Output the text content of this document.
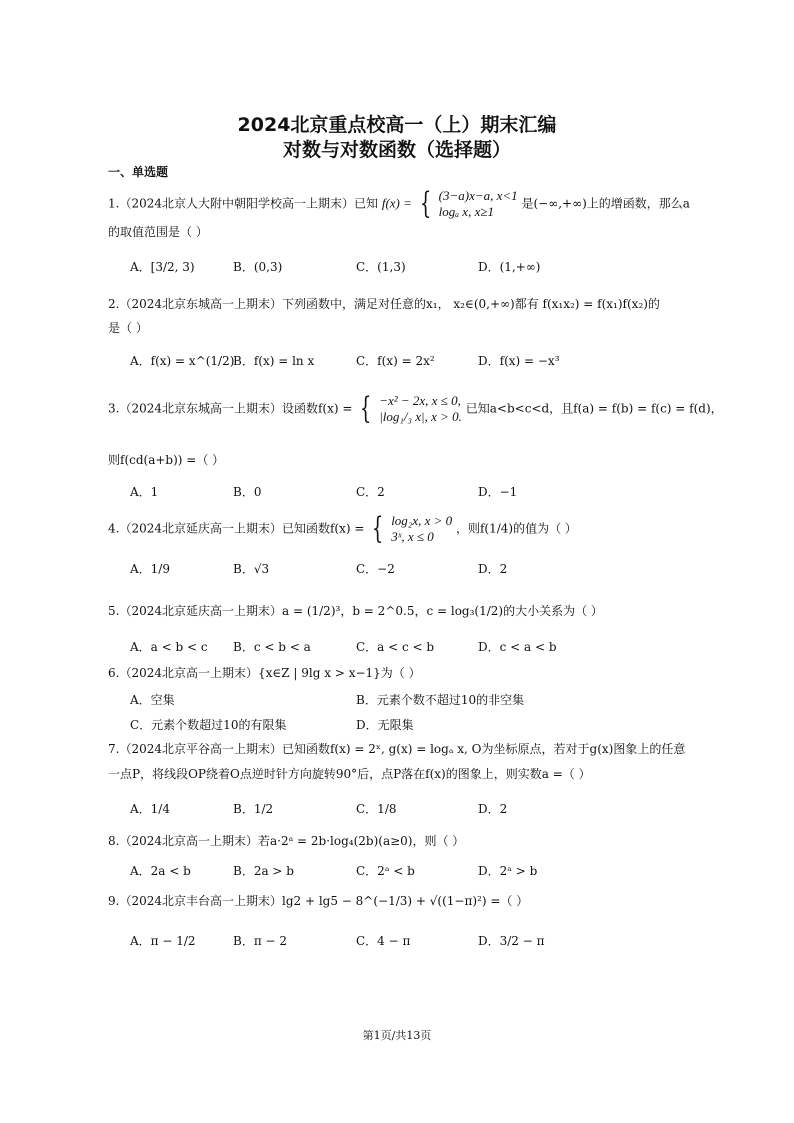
2024北京重点校高一（上）期末汇编
对数与对数函数（选择题）
一、单选题
1.（2024北京人大附中朝阳学校高一上期末）已知 f(x) = { (3−a)x−a, x<1
logₐ x, x≥1
是(−∞,+∞)上的增函数，那么a
的取值范围是（ ）
A．[3/2, 3)	B．(0,3)	C．(1,3)	D．(1,+∞)
2.（2024北京东城高一上期末）下列函数中，满足对任意的x₁， x₂∈(0,+∞)都有 f(x₁x₂) = f(x₁)f(x₂)的
是（ ）
A．f(x) = x^(1/2)
B．f(x) = ln x	C．f(x) = 2x²	D．f(x) = −x³
3.（2024北京东城高一上期末）设函数f(x) = { −x² − 2x, x ≤ 0,
|log₁/₃ x|, x > 0.
已知a<b<c<d，且f(a) = f(b) = f(c) = f(d)，
则f(cd(a+b)) =（ ）
A．1	B．0	C．2	D．−1
4.（2024北京延庆高一上期末）已知函数f(x) = { log₂x, x > 0
3ˣ, x ≤ 0
，则f(1/4)的值为（ ）
A．1/9	B．√3	C．−2	D．2
5.（2024北京延庆高一上期末）a = (1/2)³，b = 2^0.5，c = log₃(1/2)的大小关系为（ ）
A．a < b < c B．c < b < a	C．a < c < b	D．c < a < b
6.（2024北京高一上期末）{x∈Z | 9lg x > x−1}为（ ）
A．空集	B．元素个数不超过10的非空集
C．元素个数超过10的有限集	D．无限集
7.（2024北京平谷高一上期末）已知函数f(x) = 2ˣ, g(x) = logₐ x, O为坐标原点，若对于g(x)图象上的任意
一点P，将线段OP绕着O点逆时针方向旋转90°后，点P落在f(x)的图象上，则实数a =（ ）
A．1/4	B．1/2	C．1/8	D．2
8.（2024北京高一上期末）若a·2ᵃ = 2b·log₄(2b)(a≥0)，则（ ）
A．2a < b	B．2a > b	C．2ᵃ < b	D．2ᵃ > b
9.（2024北京丰台高一上期末）lg2 + lg5 − 8^(−1/3) + √((1−π)²) =（ ）
A．π − 1/2	B．π − 2	C．4 − π	D．3/2 − π
第1页/共13页
